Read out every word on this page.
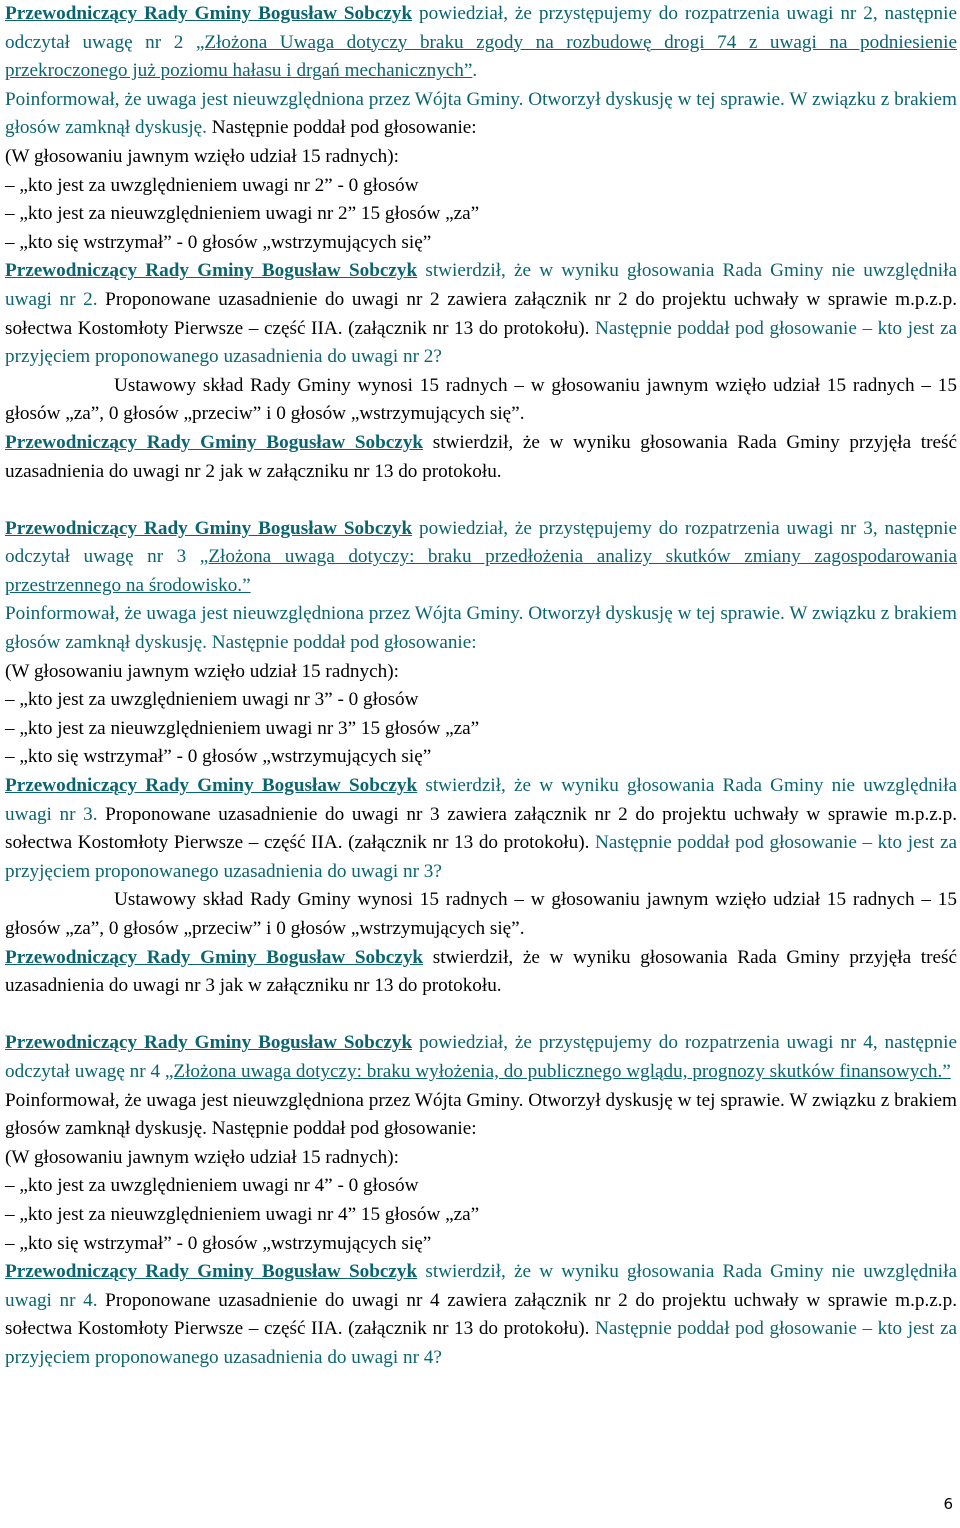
Przewodniczący Rady Gminy Bogusław Sobczyk powiedział, że przystępujemy do rozpatrzenia uwagi nr 2, następnie odczytał uwagę nr 2 „Złożona Uwaga dotyczy braku zgody na rozbudowę drogi 74 z uwagi na podniesienie przekroczonego już poziomu hałasu i drgań mechanicznych”.

Poinformował, że uwaga jest nieuwzględniona przez Wójta Gminy. Otworzył dyskusję w tej sprawie. W związku z brakiem głosów zamknął dyskusję. Następnie poddał pod głosowanie:

(W głosowaniu jawnym wzięło udział 15 radnych):

– „kto jest za uwzględnieniem uwagi nr 2” - 0 głosów

– „kto jest za nieuwzględnieniem uwagi nr 2” 15 głosów „za”

– „kto się wstrzymał” - 0 głosów „wstrzymujących się”

Przewodniczący Rady Gminy Bogusław Sobczyk stwierdził, że w wyniku głosowania Rada Gminy nie uwzględniła uwagi nr 2. Proponowane uzasadnienie do uwagi nr 2 zawiera załącznik nr 2 do projektu uchwały w sprawie m.p.z.p. sołectwa Kostomłoty Pierwsze – część IIA. (załącznik nr 13 do protokołu). Następnie poddał pod głosowanie – kto jest za przyjęciem proponowanego uzasadnienia do uwagi nr 2?

Ustawowy skład Rady Gminy wynosi 15 radnych – w głosowaniu jawnym wzięło udział 15 radnych – 15 głosów „za”, 0 głosów „przeciw” i 0 głosów „wstrzymujących się”.

Przewodniczący Rady Gminy Bogusław Sobczyk stwierdził, że w wyniku głosowania Rada Gminy przyjęła treść uzasadnienia do uwagi nr 2 jak w załączniku nr 13 do protokołu.

Przewodniczący Rady Gminy Bogusław Sobczyk powiedział, że przystępujemy do rozpatrzenia uwagi nr 3, następnie odczytał uwagę nr 3 „Złożona uwaga dotyczy: braku przedłożenia analizy skutków zmiany zagospodarowania przestrzennego na środowisko.”

Poinformował, że uwaga jest nieuwzględniona przez Wójta Gminy. Otworzył dyskusję w tej sprawie. W związku z brakiem głosów zamknął dyskusję. Następnie poddał pod głosowanie:

(W głosowaniu jawnym wzięło udział 15 radnych):

– „kto jest za uwzględnieniem uwagi nr 3” - 0 głosów

– „kto jest za nieuwzględnieniem uwagi nr 3” 15 głosów „za”

– „kto się wstrzymał” - 0 głosów „wstrzymujących się”

Przewodniczący Rady Gminy Bogusław Sobczyk stwierdził, że w wyniku głosowania Rada Gminy nie uwzględniła uwagi nr 3. Proponowane uzasadnienie do uwagi nr 3 zawiera załącznik nr 2 do projektu uchwały w sprawie m.p.z.p. sołectwa Kostomłoty Pierwsze – część IIA. (załącznik nr 13 do protokołu). Następnie poddał pod głosowanie – kto jest za przyjęciem proponowanego uzasadnienia do uwagi nr 3?

Ustawowy skład Rady Gminy wynosi 15 radnych – w głosowaniu jawnym wzięło udział 15 radnych – 15 głosów „za”, 0 głosów „przeciw” i 0 głosów „wstrzymujących się”.

Przewodniczący Rady Gminy Bogusław Sobczyk stwierdził, że w wyniku głosowania Rada Gminy przyjęła treść uzasadnienia do uwagi nr 3 jak w załączniku nr 13 do protokołu.

Przewodniczący Rady Gminy Bogusław Sobczyk powiedział, że przystępujemy do rozpatrzenia uwagi nr 4, następnie odczytał uwagę nr 4 „Złożona uwaga dotyczy: braku wyłożenia, do publicznego wglądu, prognozy skutków finansowych.”

Poinformował, że uwaga jest nieuwzględniona przez Wójta Gminy. Otworzył dyskusję w tej sprawie. W związku z brakiem głosów zamknął dyskusję. Następnie poddał pod głosowanie:

(W głosowaniu jawnym wzięło udział 15 radnych):

– „kto jest za uwzględnieniem uwagi nr 4” - 0 głosów

– „kto jest za nieuwzględnieniem uwagi nr 4” 15 głosów „za”

– „kto się wstrzymał” - 0 głosów „wstrzymujących się”

Przewodniczący Rady Gminy Bogusław Sobczyk stwierdził, że w wyniku głosowania Rada Gminy nie uwzględniła uwagi nr 4. Proponowane uzasadnienie do uwagi nr 4 zawiera załącznik nr 2 do projektu uchwały w sprawie m.p.z.p. sołectwa Kostomłoty Pierwsze – część IIA. (załącznik nr 13 do protokołu). Następnie poddał pod głosowanie – kto jest za przyjęciem proponowanego uzasadnienia do uwagi nr 4?

6
